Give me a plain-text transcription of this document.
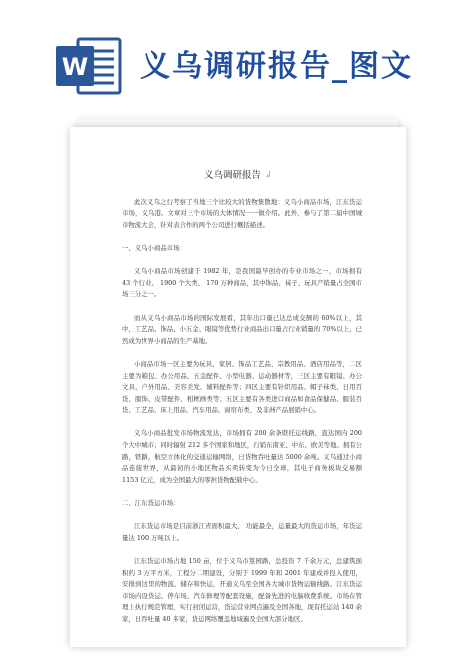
W 义乌调研报告_图文
义乌调研报告 ↲

此次义乌之行考察了当地三个比较大的货物集散地：义乌小商品市场，江东货运市场，义乌港。文章对三个市场的大体情况一一做介绍。此外，参与了第二届中国城市物流大会，针对表合作的两个公司进行概括描述。

一、义乌小商品市场：

义乌小商品市场创建于 1982 年，是我国最早创办的专业市场之一，市场拥有 43 个行业、 1900 个大类、 170 万种商品，其中饰品、袜子、玩具产销量占全国市场三分之一。

而从义乌小商品市场的国际发展看，其年出口量已达总成交额的 60%以上，其中，工艺品、饰品、小五金、眼镜等优势行业商品出口量占行业销量的 70%以上，已然成为世界小商品的生产基地。

小商品市场一区主要为玩具、家居、饰品工艺品、宗教用品、酒店用品等，二区主要为箱包、办公用品、五金配件、小型电器、运动器材等，三区主要有眼镜、办公文具、户外用品、美容美发、辅料配件等；四区主要有针织用品、帽子袜类、日用百货、服饰、皮带配件、相框画类等；五区主要有各类进口商品如食品保健品、服装百货、工艺品、床上用品、汽车用品、窗帘布类、及非洲产品展销中心。

义乌小商品批发市场物流发达，市场拥有 200 余条联托运线路，直达国内 200 个大中城市；同时辐射 212 多个国家和地区，行销东南亚、中东、欧美等地。拥有公路，铁路，航空立体化的交通运输网络，日货物吞吐量达 5000 余吨。义乌通过小商品连接世界，从最初的小地区物品买卖转变为今日全球，其电子商务板块交易额 1153 亿元，成为全国最大的零担货物配载中心。

二、江东货运市场：

江东货运市场是目前浙江省面积最大、 功能最全，运量最大的货运市场，年货运量达 100 万吨以上。

江东货运市场占地 150 亩，位于义乌市篁园路，总投资 7 千余万元，总建筑面积约 3 万平方米，工程分二期建设，分别于 1999 年和 2001 年建成并投入使用，安排到这里的物流、储存和快运，开通义乌至全国各大城市货物运输线路。江东货运市场内设货运、停车场、汽车修理等配套设施，配备先进的电脑收费系统。市场在管理上执行规范管理，实行封闭运营，货运营业网点遍及全国各地，现有托运站 140 余家，日吞吐量 40 多家，货运网络覆盖地域遍及全国大部分地区。
